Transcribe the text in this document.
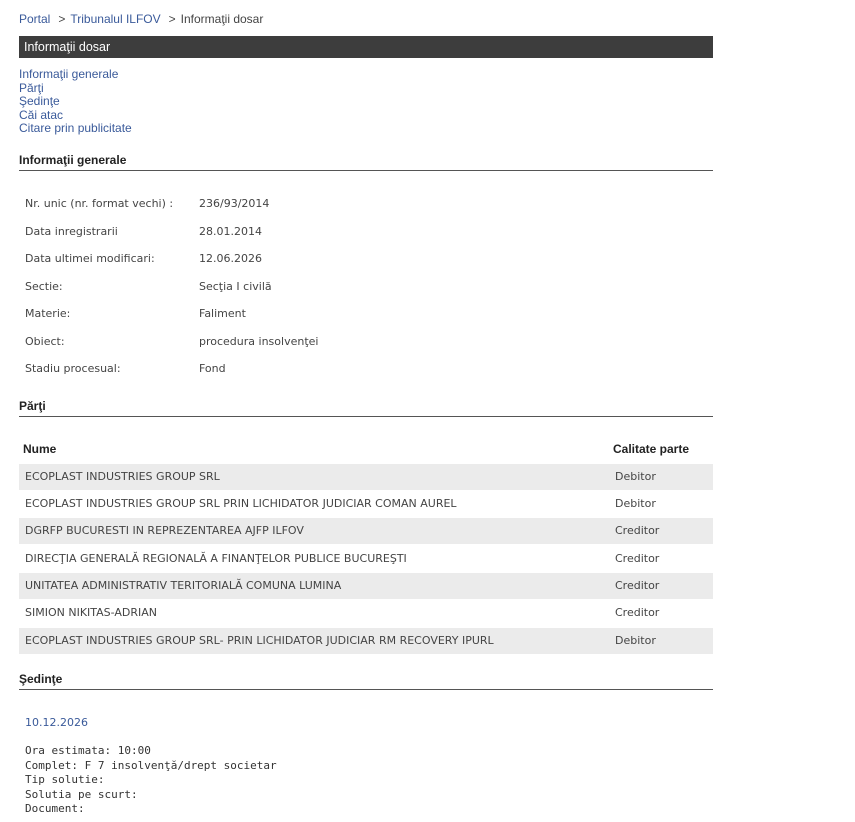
Portal > Tribunalul ILFOV > Informaţii dosar
Informaţii dosar
Informaţii generale
Părţi
Şedinţe
Căi atac
Citare prin publicitate
Informaţii generale
Nr. unic (nr. format vechi) : 236/93/2014
Data inregistrarii	28.01.2014
Data ultimei modificari:	12.06.2026
Sectie:	Secţia I civilă
Materie:	Faliment
Obiect:	procedura insolvenţei
Stadiu procesual:	Fond
Părţi
Nume	Calitate parte
ECOPLAST INDUSTRIES GROUP SRL	Debitor
ECOPLAST INDUSTRIES GROUP SRL PRIN LICHIDATOR JUDICIAR COMAN AUREL	Debitor
DGRFP BUCURESTI IN REPREZENTAREA AJFP ILFOV	Creditor
DIRECŢIA GENERALĂ REGIONALĂ A FINANŢELOR PUBLICE BUCUREŞTI	Creditor
UNITATEA ADMINISTRATIV TERITORIALĂ COMUNA LUMINA	Creditor
SIMION NIKITAS-ADRIAN	Creditor
ECOPLAST INDUSTRIES GROUP SRL- PRIN LICHIDATOR JUDICIAR RM RECOVERY IPURL	Debitor
Şedinţe
10.12.2026
Ora estimata: 10:00
Complet: F 7 insolvenţă/drept societar
Tip solutie:
Solutia pe scurt:
Document:
